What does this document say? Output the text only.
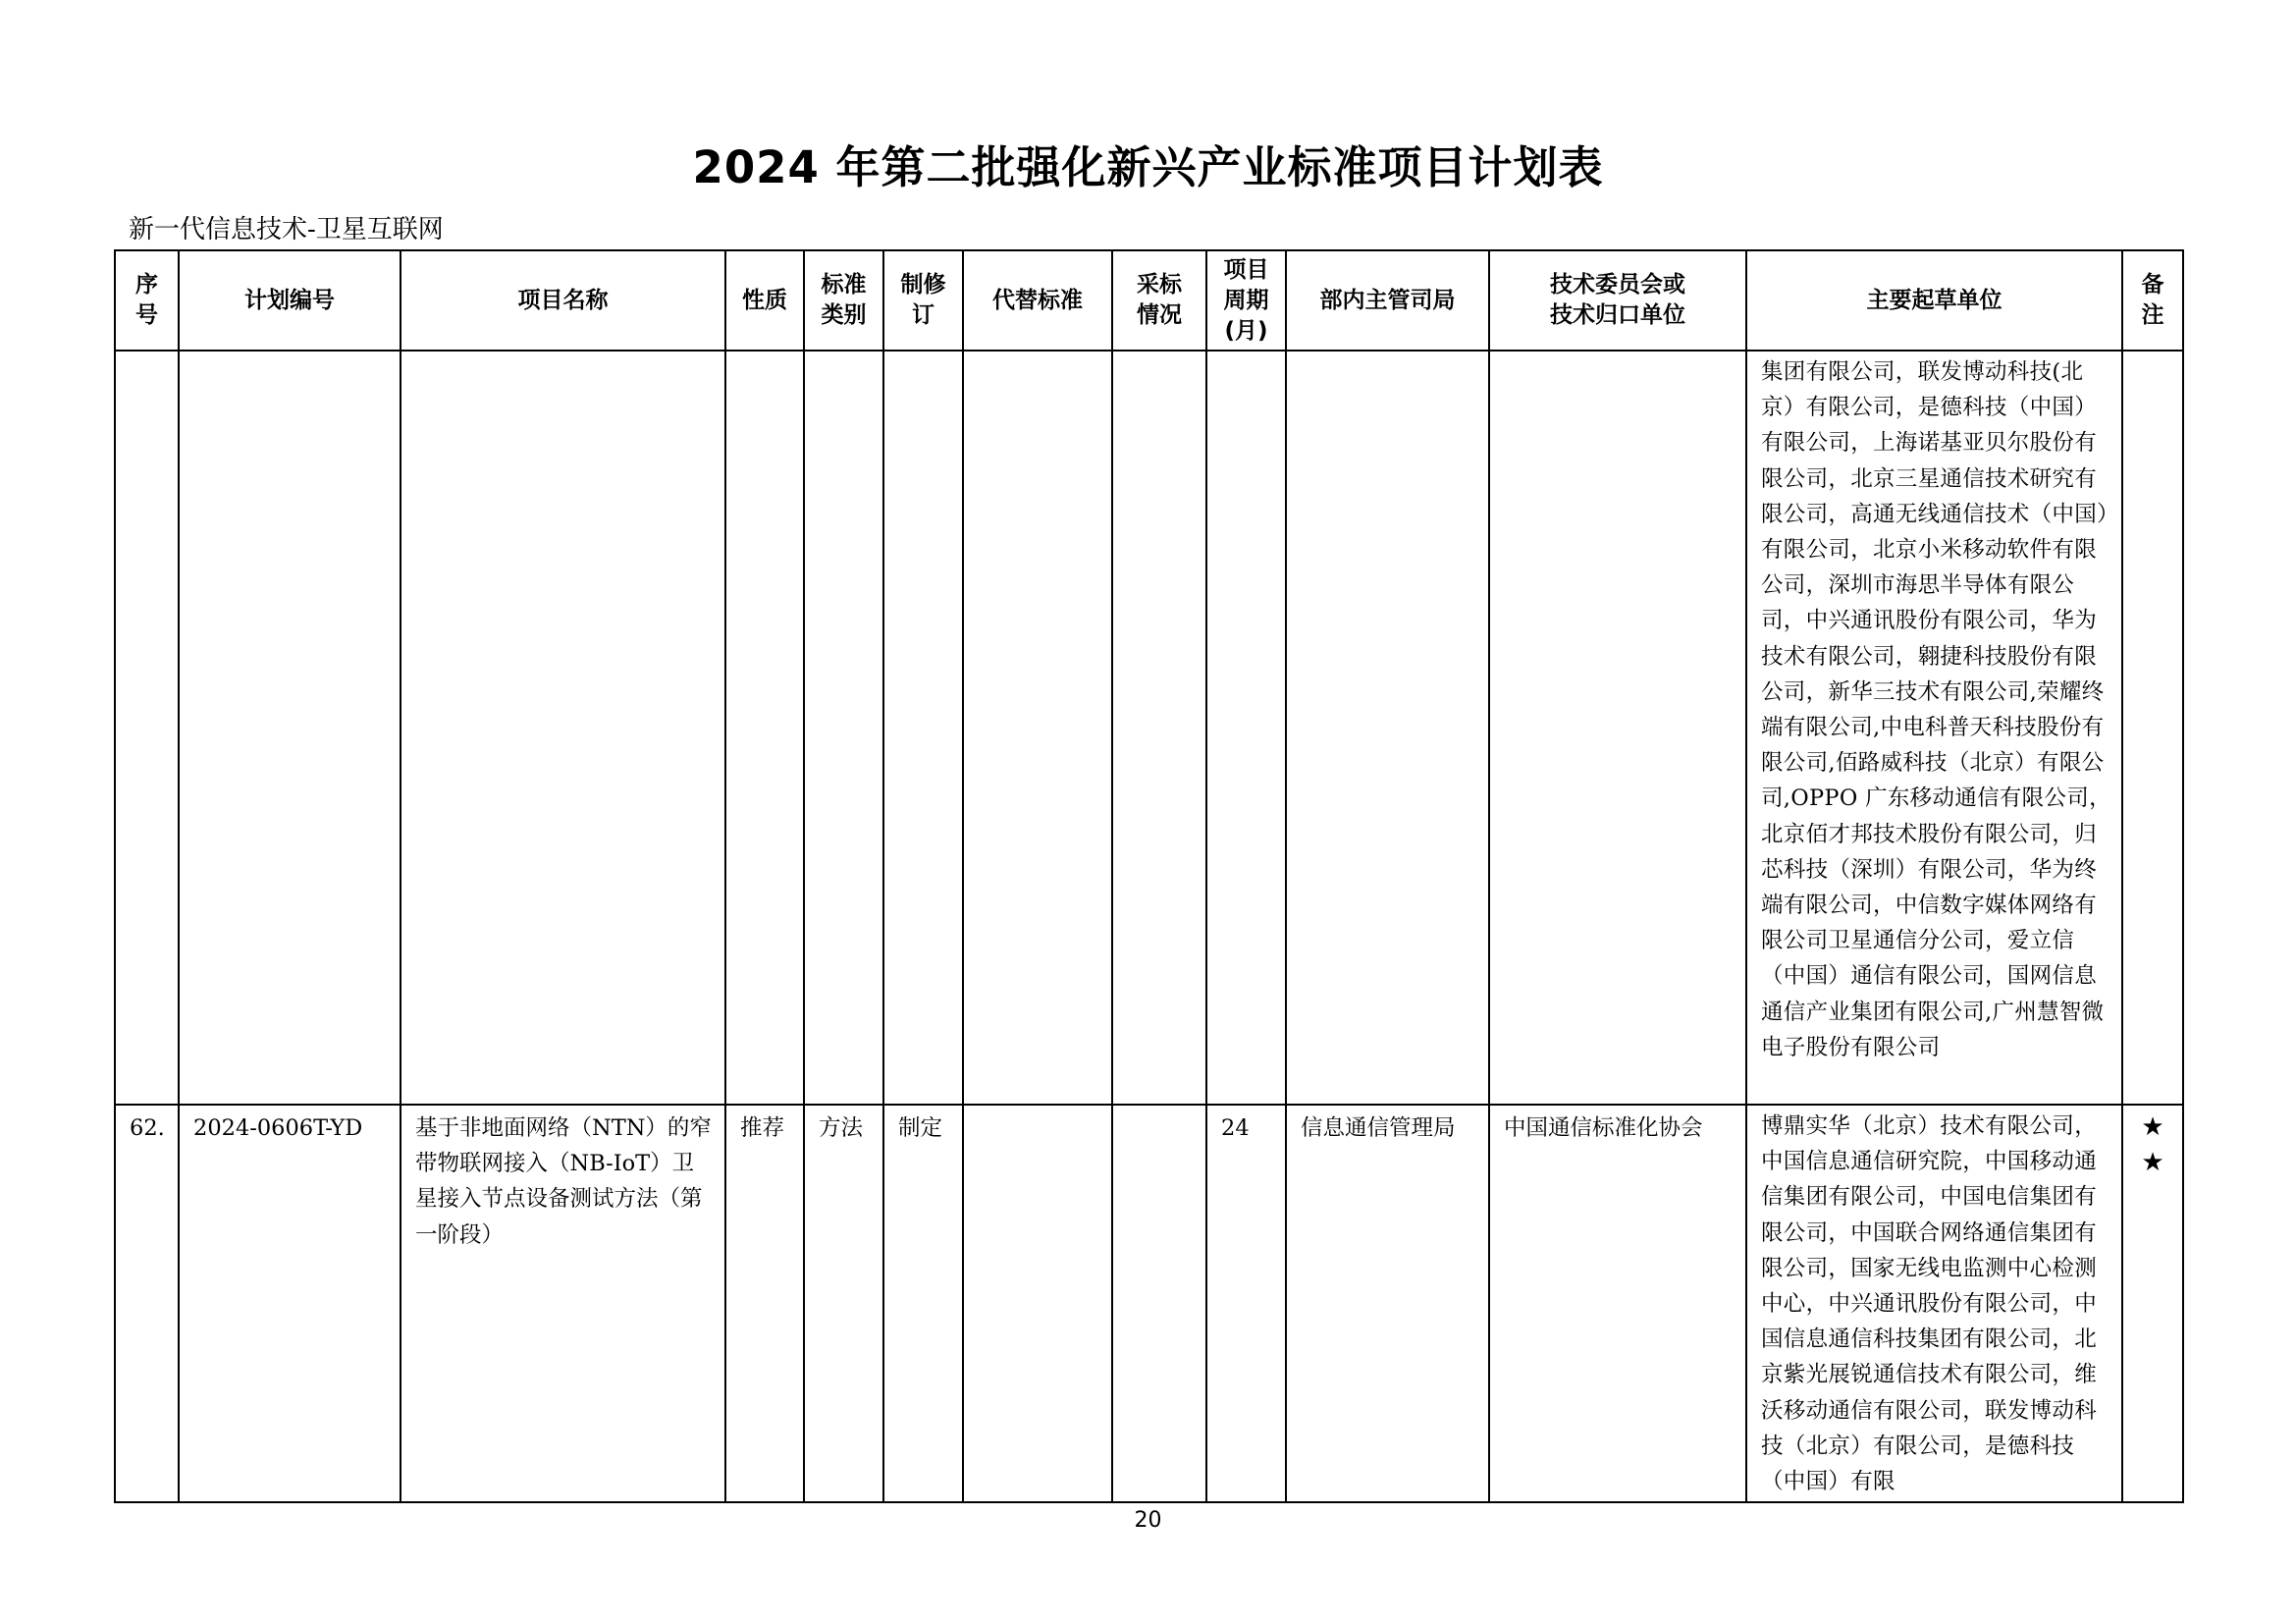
2024 年第二批强化新兴产业标准项目计划表
新一代信息技术-卫星互联网
序
号	计划编号	项目名称	性质	标准
类别	制修
订	代替标准	采标
情况	项目
周期
(月)	部内主管司局	技术委员会或
技术归口单位	主要起草单位	备
注
											集团有限公司，联发博动科技(北京）有限公司，是德科技（中国）有限公司，上海诺基亚贝尔股份有限公司，北京三星通信技术研究有限公司，高通无线通信技术（中国）有限公司，北京小米移动软件有限公司，深圳市海思半导体有限公司，中兴通讯股份有限公司，华为技术有限公司，翱捷科技股份有限公司，新华三技术有限公司,荣耀终端有限公司,中电科普天科技股份有限公司,佰路威科技（北京）有限公司,OPPO 广东移动通信有限公司，北京佰才邦技术股份有限公司，归芯科技（深圳）有限公司，华为终端有限公司，中信数字媒体网络有限公司卫星通信分公司，爱立信（中国）通信有限公司，国网信息通信产业集团有限公司,广州慧智微电子股份有限公司	
62.	2024-0606T-YD	基于非地面网络（NTN）的窄带物联网接入（NB-IoT）卫星接入节点设备测试方法（第一阶段）	推荐	方法	制定			24	信息通信管理局	中国通信标准化协会	博鼎实华（北京）技术有限公司，中国信息通信研究院，中国移动通信集团有限公司，中国电信集团有限公司，中国联合网络通信集团有限公司，国家无线电监测中心检测中心，中兴通讯股份有限公司，中国信息通信科技集团有限公司，北京紫光展锐通信技术有限公司，维沃移动通信有限公司，联发博动科技（北京）有限公司，是德科技（中国）有限	★
★
20
